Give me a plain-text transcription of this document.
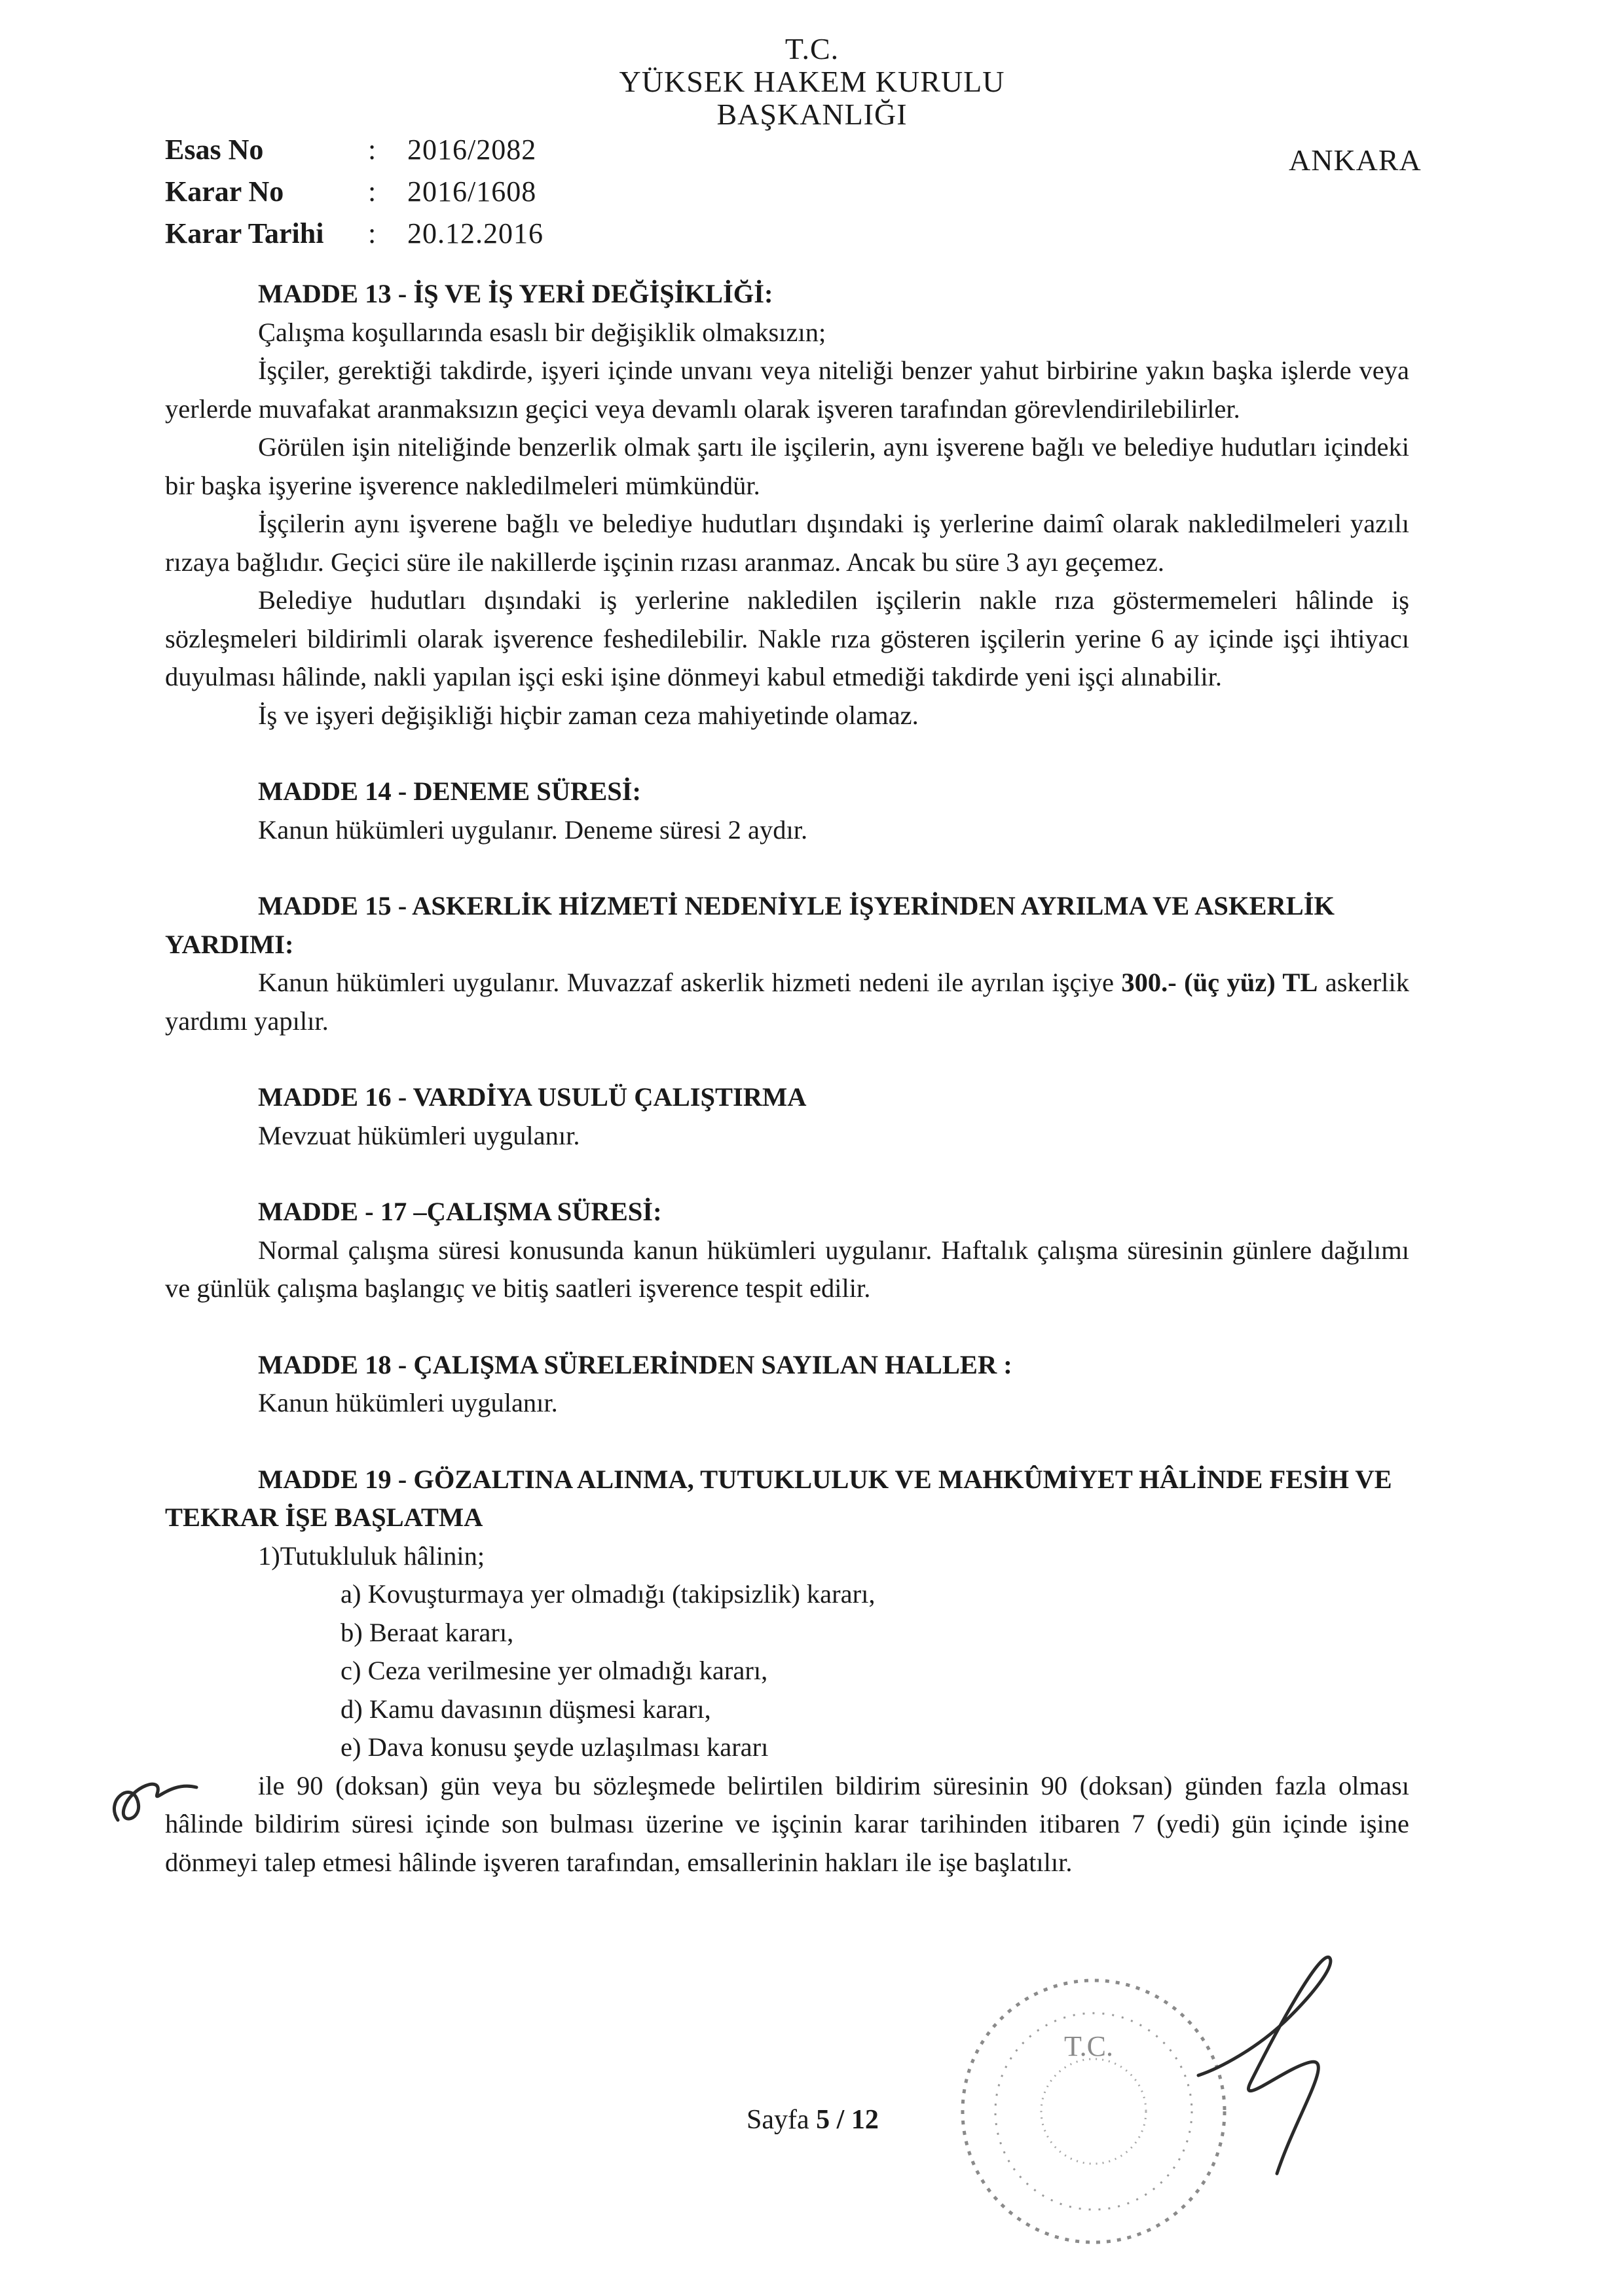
T.C.
YÜKSEK HAKEM KURULU
BAŞKANLIĞI
ANKARA
Esas No	:	2016/2082
Karar No	:	2016/1608
Karar Tarihi	:	20.12.2016

MADDE 13 - İŞ VE İŞ YERİ DEĞİŞİKLİĞİ:

Çalışma koşullarında esaslı bir değişiklik olmaksızın;

İşçiler, gerektiği takdirde, işyeri içinde unvanı veya niteliği benzer yahut birbirine yakın başka işlerde veya yerlerde muvafakat aranmaksızın geçici veya devamlı olarak işveren tarafından görevlendirilebilirler.

Görülen işin niteliğinde benzerlik olmak şartı ile işçilerin, aynı işverene bağlı ve belediye hudutları içindeki bir başka işyerine işverence nakledilmeleri mümkündür.

İşçilerin aynı işverene bağlı ve belediye hudutları dışındaki iş yerlerine daimî olarak nakledilmeleri yazılı rızaya bağlıdır. Geçici süre ile nakillerde işçinin rızası aranmaz. Ancak bu süre 3 ayı geçemez.

Belediye hudutları dışındaki iş yerlerine nakledilen işçilerin nakle rıza göstermemeleri hâlinde iş sözleşmeleri bildirimli olarak işverence feshedilebilir. Nakle rıza gösteren işçilerin yerine 6 ay içinde işçi ihtiyacı duyulması hâlinde, nakli yapılan işçi eski işine dönmeyi kabul etmediği takdirde yeni işçi alınabilir.

İş ve işyeri değişikliği hiçbir zaman ceza mahiyetinde olamaz.

MADDE 14 - DENEME SÜRESİ:

Kanun hükümleri uygulanır. Deneme süresi 2 aydır.

MADDE 15 - ASKERLİK HİZMETİ NEDENİYLE İŞYERİNDEN AYRILMA VE ASKERLİK YARDIMI:

Kanun hükümleri uygulanır. Muvazzaf askerlik hizmeti nedeni ile ayrılan işçiye 300.- (üç yüz) TL askerlik yardımı yapılır.

MADDE 16 - VARDİYA USULÜ ÇALIŞTIRMA

Mevzuat hükümleri uygulanır.

MADDE - 17 –ÇALIŞMA SÜRESİ:

Normal çalışma süresi konusunda kanun hükümleri uygulanır. Haftalık çalışma süresinin günlere dağılımı ve günlük çalışma başlangıç ve bitiş saatleri işverence tespit edilir.

MADDE 18 - ÇALIŞMA SÜRELERİNDEN SAYILAN HALLER :

Kanun hükümleri uygulanır.

MADDE 19 - GÖZALTINA ALINMA, TUTUKLULUK VE MAHKÛMİYET HÂLİNDE FESİH VE TEKRAR İŞE BAŞLATMA

1)Tutukluluk hâlinin;

a) Kovuşturmaya yer olmadığı (takipsizlik) kararı,
b) Beraat kararı,
c) Ceza verilmesine yer olmadığı kararı,
d) Kamu davasının düşmesi kararı,
e) Dava konusu şeyde uzlaşılması kararı

ile 90 (doksan) gün veya bu sözleşmede belirtilen bildirim süresinin 90 (doksan) günden fazla olması hâlinde bildirim süresi içinde son bulması üzerine ve işçinin karar tarihinden itibaren 7 (yedi) gün içinde işine dönmeyi talep etmesi hâlinde işveren tarafından, emsallerinin hakları ile işe başlatılır.

T.C.
Sayfa 5 / 12
